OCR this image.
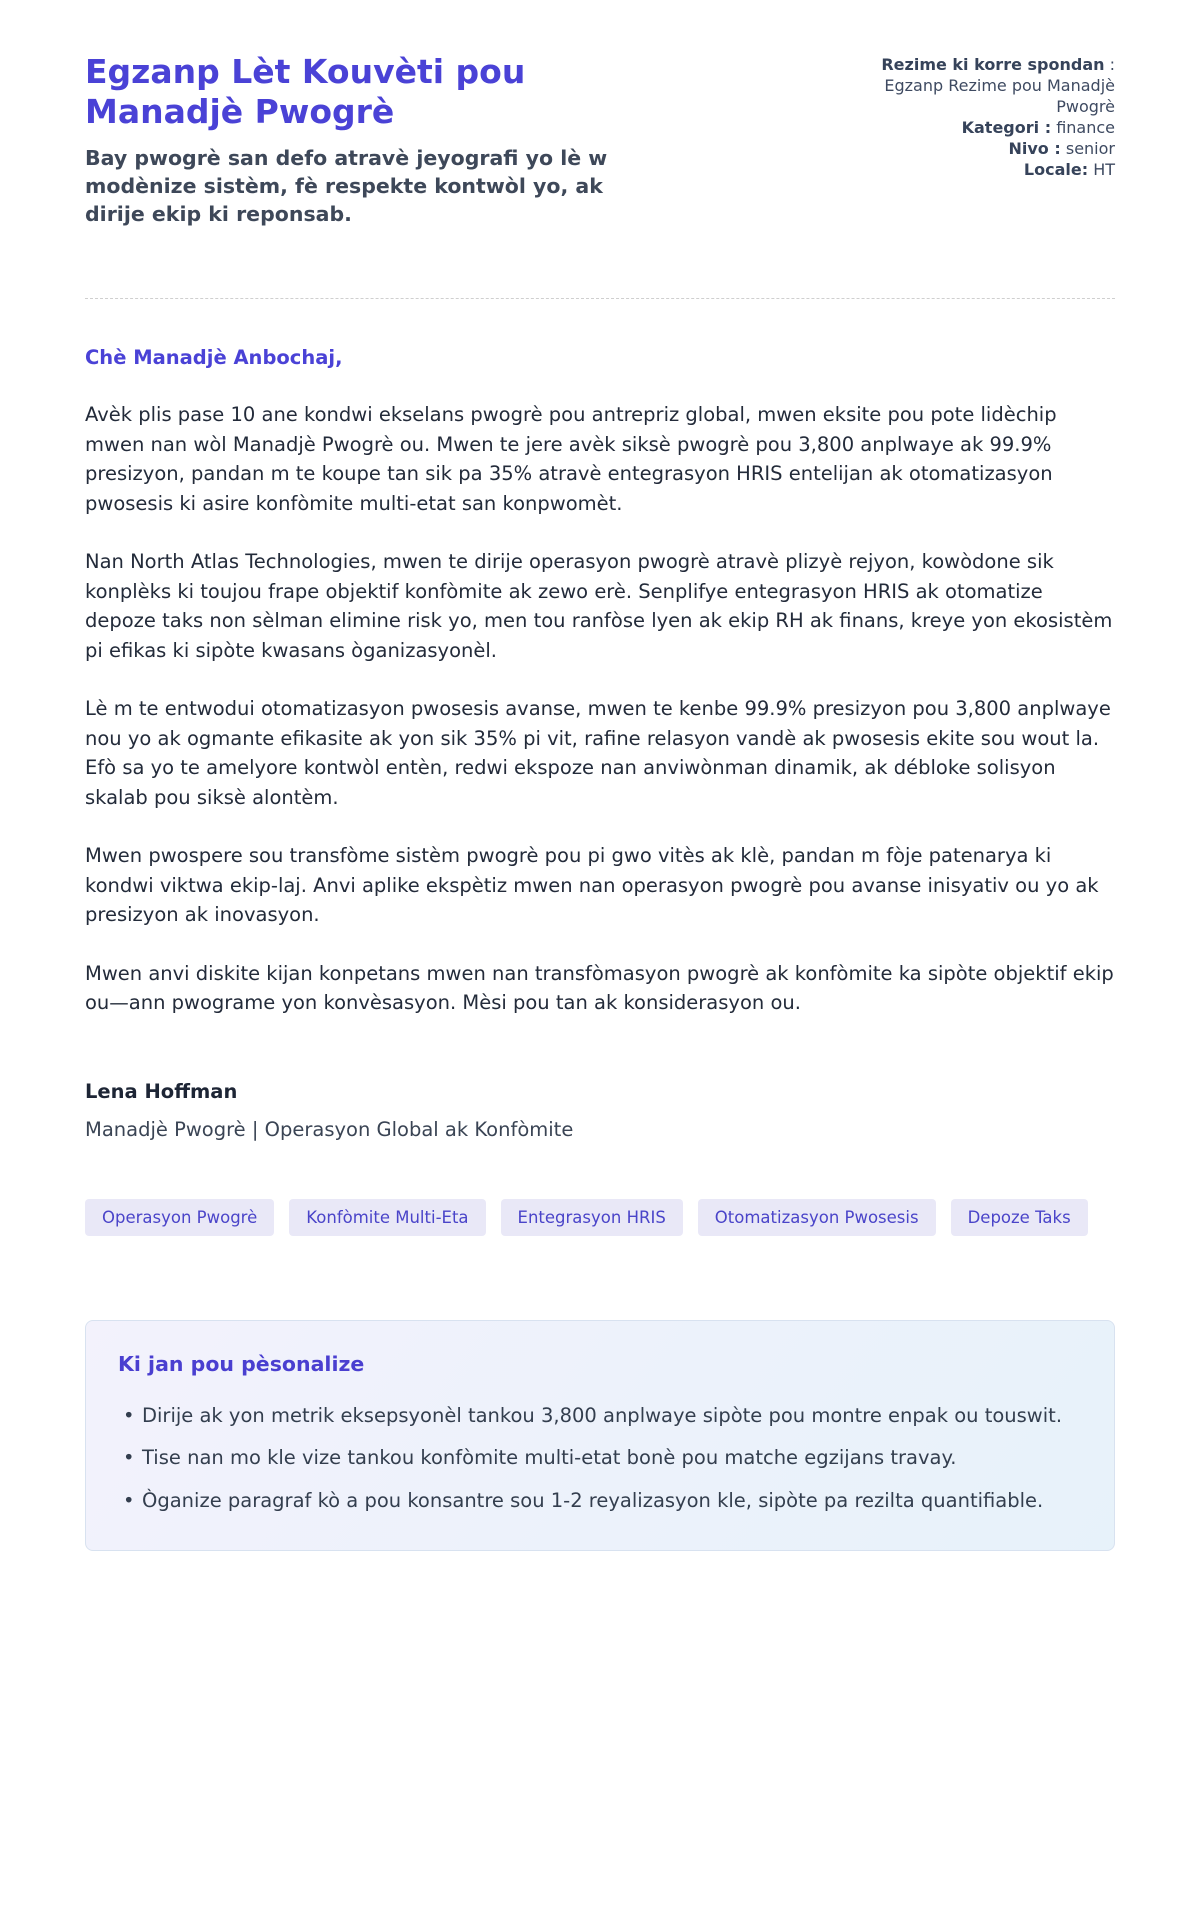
Egzanp Lèt Kouvèti pou Manadjè Pwogrè

Bay pwogrè san defo atravè jeyografi yo lè w modènize sistèm, fè respekte kontwòl yo, ak dirije ekip ki reponsab.

Rezime ki korre spondan : Egzanp Rezime pou Manadjè Pwogrè
Kategori : finance
Nivo : senior
Locale: HT

Chè Manadjè Anbochaj,

Avèk plis pase 10 ane kondwi ekselans pwogrè pou antrepriz global, mwen eksite pou pote lidèchip mwen nan wòl Manadjè Pwogrè ou. Mwen te jere avèk siksè pwogrè pou 3,800 anplwaye ak 99.9% presizyon, pandan m te koupe tan sik pa 35% atravè entegrasyon HRIS entelijan ak otomatizasyon pwosesis ki asire konfòmite multi-etat san konpwomèt.

Nan North Atlas Technologies, mwen te dirije operasyon pwogrè atravè plizyè rejyon, kowòdone sik konplèks ki toujou frape objektif konfòmite ak zewo erè. Senplifye entegrasyon HRIS ak otomatize depoze taks non sèlman elimine risk yo, men tou ranfòse lyen ak ekip RH ak finans, kreye yon ekosistèm pi efikas ki sipòte kwasans òganizasyonèl.

Lè m te entwodui otomatizasyon pwosesis avanse, mwen te kenbe 99.9% presizyon pou 3,800 anplwaye nou yo ak ogmante efikasite ak yon sik 35% pi vit, rafine relasyon vandè ak pwosesis ekite sou wout la. Efò sa yo te amelyore kontwòl entèn, redwi ekspoze nan anviwònman dinamik, ak débloke solisyon skalab pou siksè alontèm.

Mwen pwospere sou transfòme sistèm pwogrè pou pi gwo vitès ak klè, pandan m fòje patenarya ki kondwi viktwa ekip-laj. Anvi aplike ekspètiz mwen nan operasyon pwogrè pou avanse inisyativ ou yo ak presizyon ak inovasyon.

Mwen anvi diskite kijan konpetans mwen nan transfòmasyon pwogrè ak konfòmite ka sipòte objektif ekip ou—ann pwograme yon konvèsasyon. Mèsi pou tan ak konsiderasyon ou.

Lena Hoffman

Manadjè Pwogrè | Operasyon Global ak Konfòmite

Operasyon Pwogrè	Konfòmite Multi-Eta	Entegrasyon HRIS	Otomatizasyon Pwosesis	Depoze Taks
Ki jan pou pèsonalize
• Dirije ak yon metrik eksepsyonèl tankou 3,800 anplwaye sipòte pou montre enpak ou touswit.
• Tise nan mo kle vize tankou konfòmite multi-etat bonè pou matche egzijans travay.
• Òganize paragraf kò a pou konsantre sou 1-2 reyalizasyon kle, sipòte pa rezilta quantifiable.
